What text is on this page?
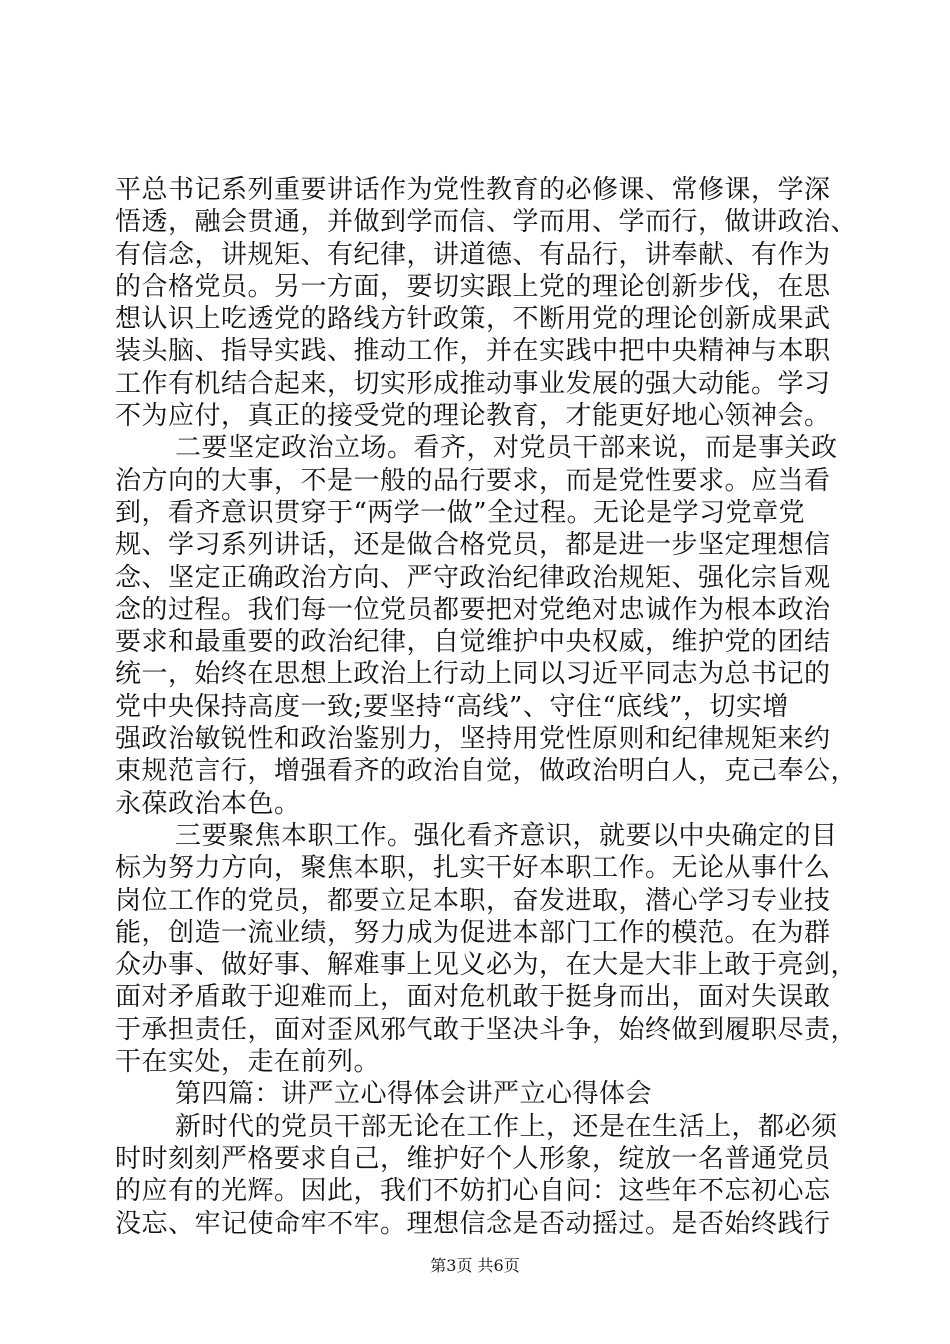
平总书记系列重要讲话作为党性教育的必修课、常修课，学深
悟透，融会贯通，并做到学而信、学而用、学而行，做讲政治、
有信念，讲规矩、有纪律，讲道德、有品行，讲奉献、有作为
的合格党员。另一方面，要切实跟上党的理论创新步伐，在思
想认识上吃透党的路线方针政策，不断用党的理论创新成果武
装头脑、指导实践、推动工作，并在实践中把中央精神与本职
工作有机结合起来，切实形成推动事业发展的强大动能。学习
不为应付，真正的接受党的理论教育，才能更好地心领神会。
二要坚定政治立场。看齐，对党员干部来说，而是事关政
治方向的大事，不是一般的品行要求，而是党性要求。应当看
到，看齐意识贯穿于“两学一做”全过程。无论是学习党章党
规、学习系列讲话，还是做合格党员，都是进一步坚定理想信
念、坚定正确政治方向、严守政治纪律政治规矩、强化宗旨观
念的过程。我们每一位党员都要把对党绝对忠诚作为根本政治
要求和最重要的政治纪律，自觉维护中央权威，维护党的团结
统一，始终在思想上政治上行动上同以习近平同志为总书记的
党中央保持高度一致;要坚持“高线”、守住“底线”，切实增
强政治敏锐性和政治鉴别力，坚持用党性原则和纪律规矩来约
束规范言行，增强看齐的政治自觉，做政治明白人，克己奉公，
永葆政治本色。
三要聚焦本职工作。强化看齐意识，就要以中央确定的目
标为努力方向，聚焦本职，扎实干好本职工作。无论从事什么
岗位工作的党员，都要立足本职，奋发进取，潜心学习专业技
能，创造一流业绩，努力成为促进本部门工作的模范。在为群
众办事、做好事、解难事上见义必为，在大是大非上敢于亮剑，
面对矛盾敢于迎难而上，面对危机敢于挺身而出，面对失误敢
于承担责任，面对歪风邪气敢于坚决斗争，始终做到履职尽责，
干在实处，走在前列。
第四篇：讲严立心得体会讲严立心得体会
新时代的党员干部无论在工作上，还是在生活上，都必须
时时刻刻严格要求自己，维护好个人形象，绽放一名普通党员
的应有的光辉。因此，我们不妨扪心自问：这些年不忘初心忘
没忘、牢记使命牢不牢。理想信念是否动摇过。是否始终践行
第3页 共6页
